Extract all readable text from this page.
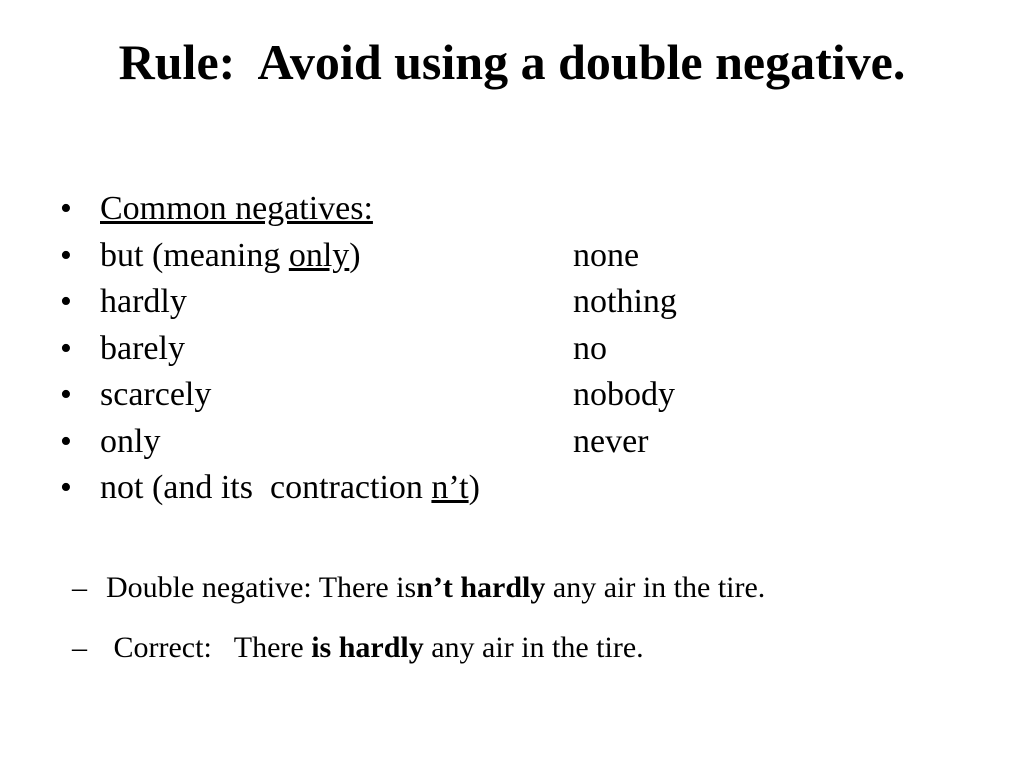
Rule:  Avoid using a double negative.

•

Common negatives:

•

but (meaning only)

	none

•

hardly

	nothing

•

barely

	no

•

scarcely

	nobody

•

only

	never

•

not (and its  contraction n’t)

– Double negative: There isn’t hardly any air in the tire.
– Correct:   There is hardly any air in the tire.
